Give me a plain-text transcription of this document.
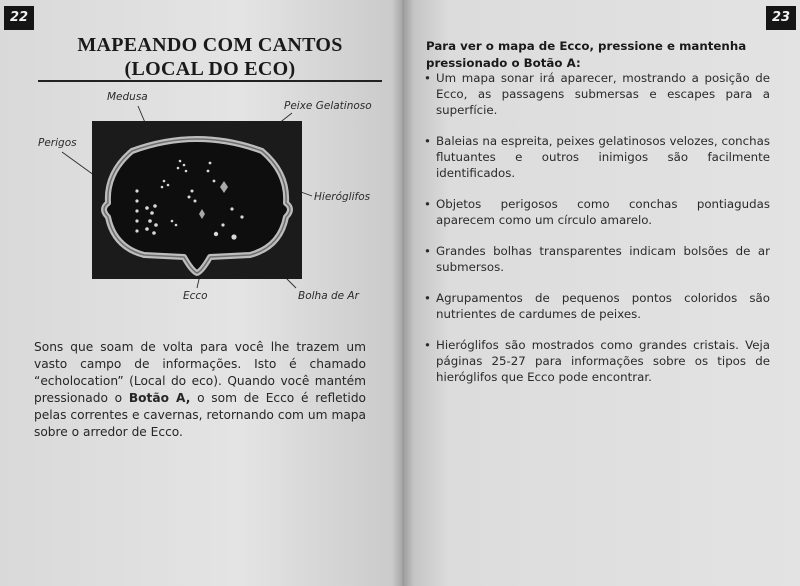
22
MAPEANDO COM CANTOS
(LOCAL DO ECO)
Medusa
Peixe Gelatinoso
Perigos
Hieróglifos
Ecco	Bolha de Ar

Sons que soam de volta para você lhe trazem um vasto campo de informações. Isto é chamado “echolocation” (Local do eco). Quando você mantém pressionado o Botão A, o som de Ecco é refletido pelas correntes e cavernas, retornando com um mapa sobre o arredor de Ecco.

23
Para ver o mapa de Ecco, pressione e mantenha pressionado o Botão A:
• Um mapa sonar irá aparecer, mostrando a posição de Ecco, as passagens submersas e escapes para a superfície.
• Baleias na espreita, peixes gelatinosos velozes, conchas flutuantes e outros inimigos são facilmente identificados.
• Objetos perigosos como conchas pontiagudas aparecem como um círculo amarelo.
• Grandes bolhas transparentes indicam bolsões de ar submersos.
• Agrupamentos de pequenos pontos coloridos são nutrientes de cardumes de peixes.
• Hieróglifos são mostrados como grandes cristais. Veja páginas 25-27 para informações sobre os tipos de hieróglifos que Ecco pode encontrar.
